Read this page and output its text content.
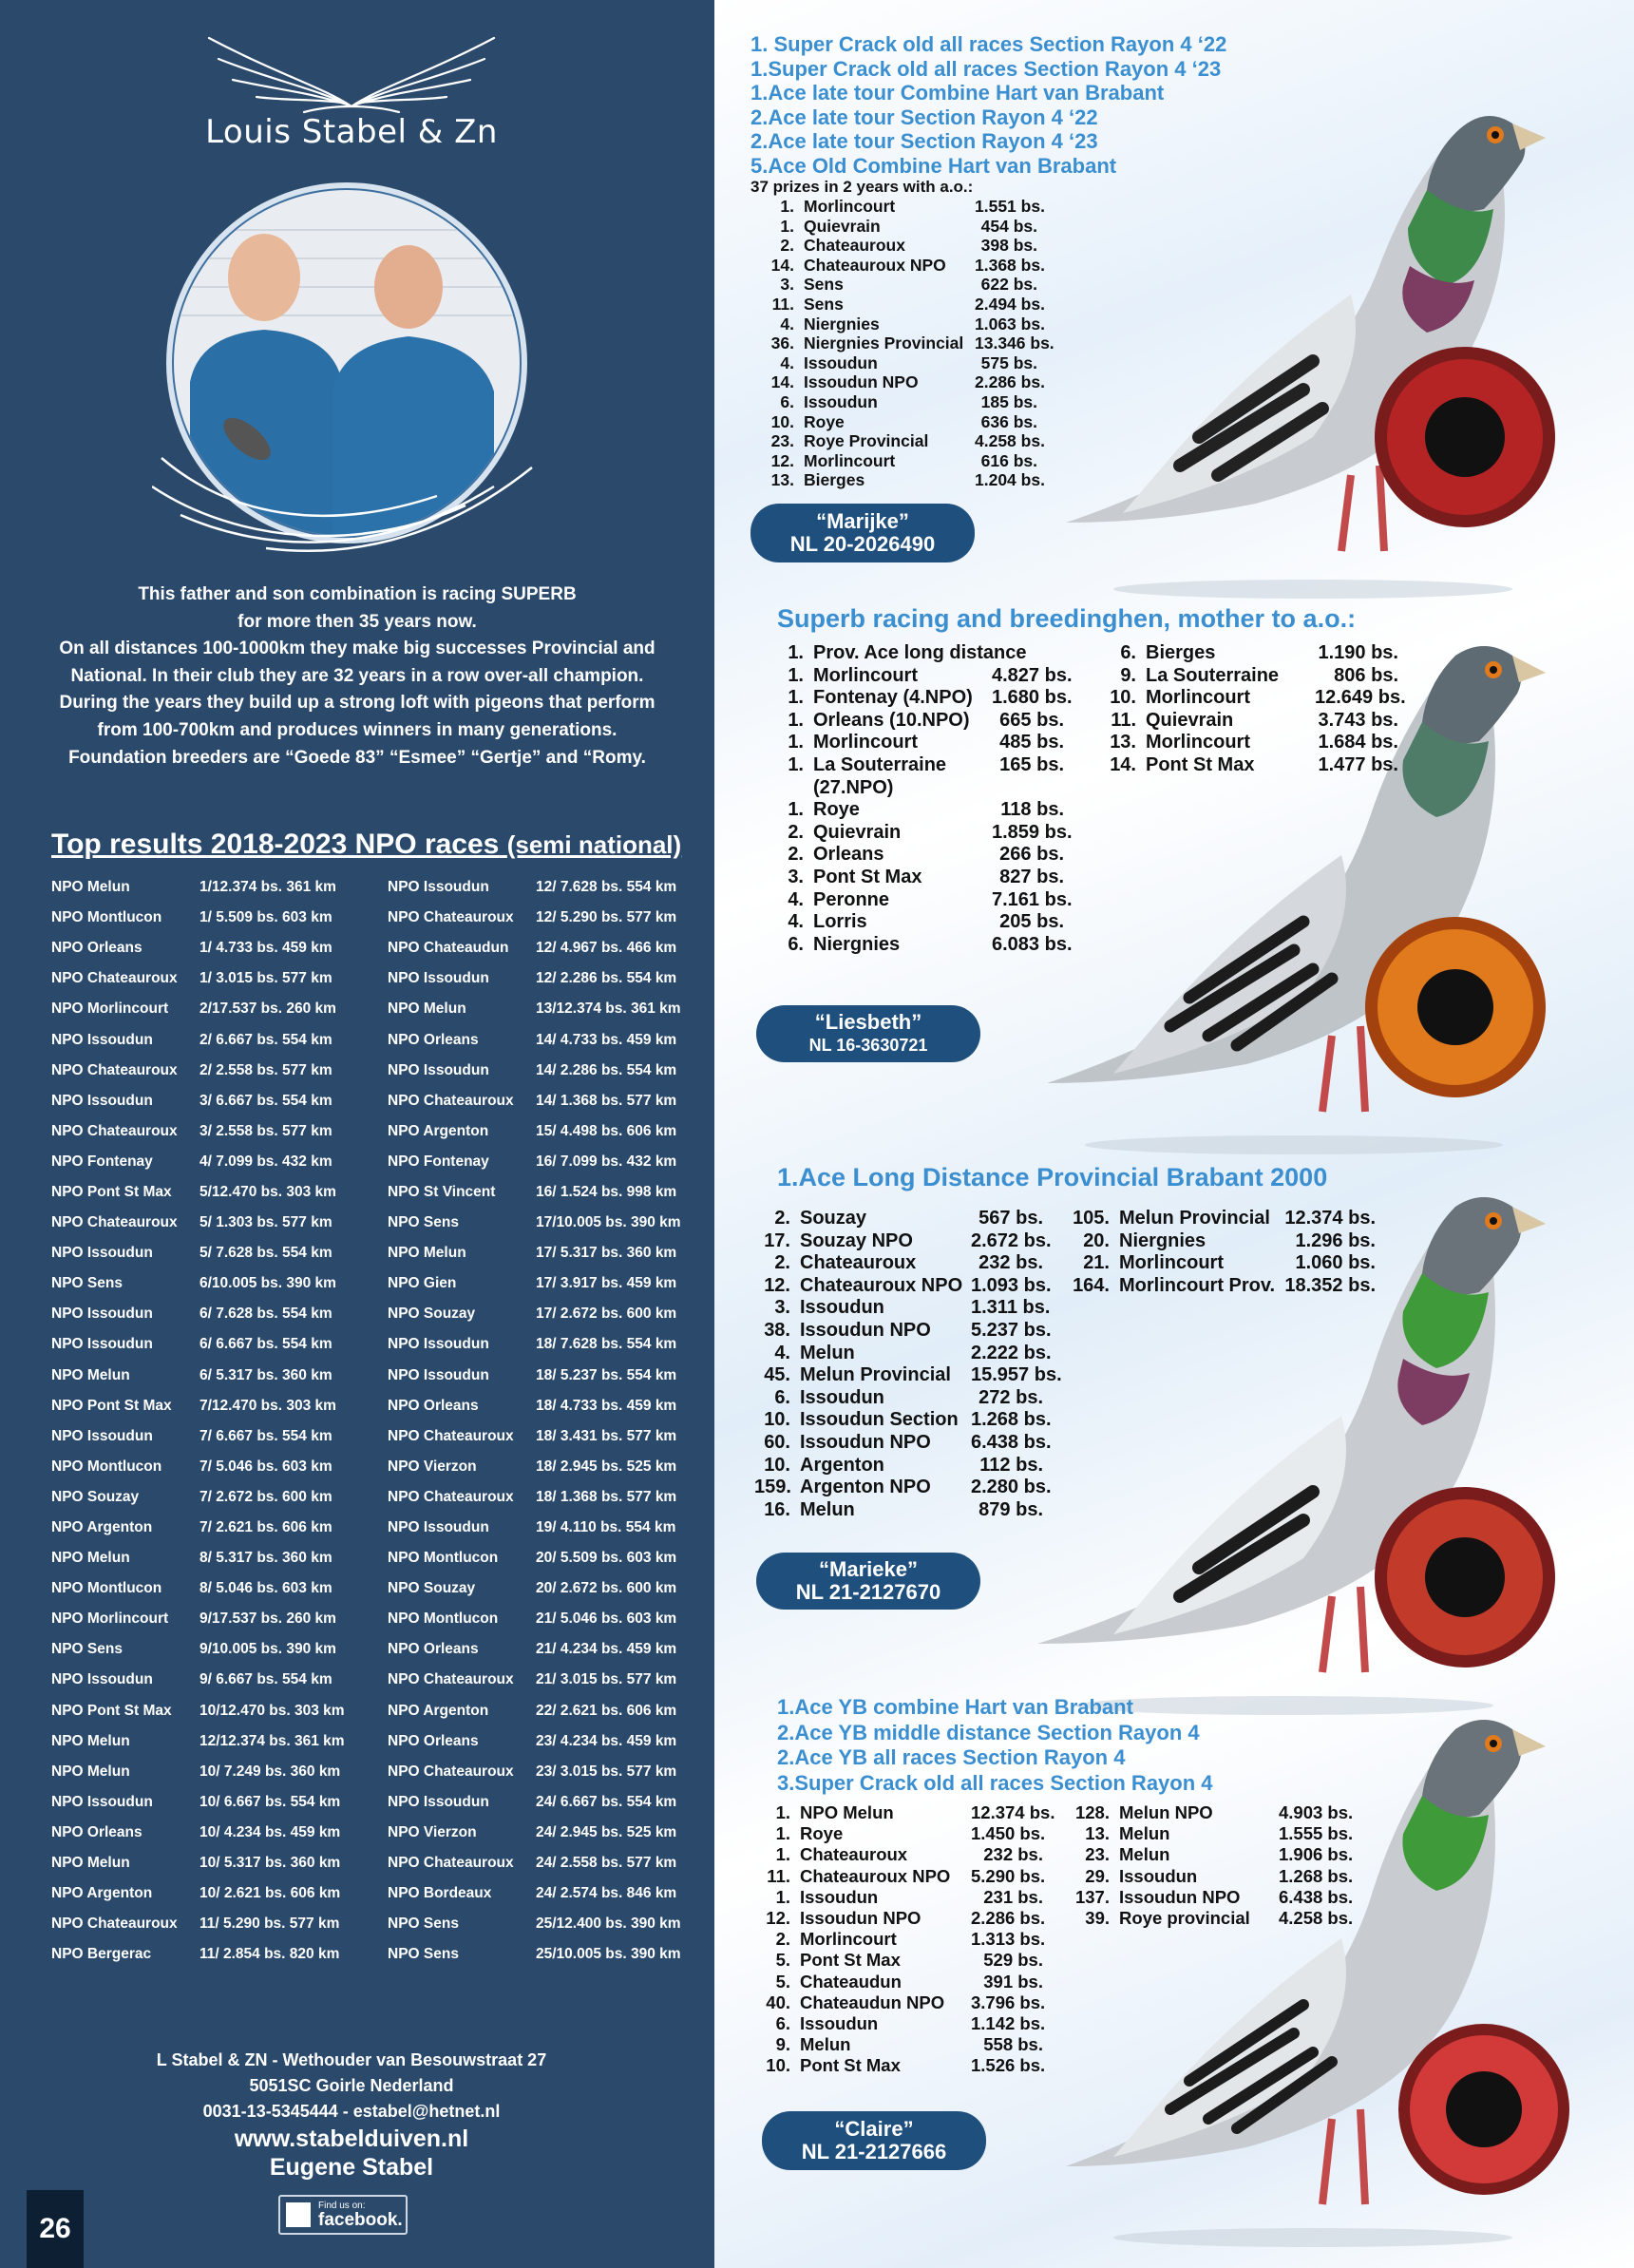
Louis Stabel & Zn
This father and son combination is racing SUPERB
for more then 35 years now.
On all distances 100-1000km they make big successes Provincial and
National. In their club they are 32 years in a row over-all champion.
During the years they build up a strong loft with pigeons that perform
from 100-700km and produces winners in many generations.
Foundation breeders are “Goede 83” “Esmee” “Gertje” and “Romy.
Top results 2018-2023 NPO races (semi national)
NPO Melun	1/12.374 bs. 361 km	NPO Issoudun	12/ 7.628 bs. 554 km
NPO Montlucon	1/ 5.509 bs. 603 km	NPO Chateauroux	12/ 5.290 bs. 577 km
NPO Orleans	1/ 4.733 bs. 459 km	NPO Chateaudun	12/ 4.967 bs. 466 km
NPO Chateauroux	1/ 3.015 bs. 577 km	NPO Issoudun	12/ 2.286 bs. 554 km
NPO Morlincourt	2/17.537 bs. 260 km	NPO Melun	13/12.374 bs. 361 km
NPO Issoudun	2/ 6.667 bs. 554 km	NPO Orleans	14/ 4.733 bs. 459 km
NPO Chateauroux	2/ 2.558 bs. 577 km	NPO Issoudun	14/ 2.286 bs. 554 km
NPO Issoudun	3/ 6.667 bs. 554 km	NPO Chateauroux	14/ 1.368 bs. 577 km
NPO Chateauroux	3/ 2.558 bs. 577 km	NPO Argenton	15/ 4.498 bs. 606 km
NPO Fontenay	4/ 7.099 bs. 432 km	NPO Fontenay	16/ 7.099 bs. 432 km
NPO Pont St Max	5/12.470 bs. 303 km	NPO St Vincent	16/ 1.524 bs. 998 km
NPO Chateauroux	5/ 1.303 bs. 577 km	NPO Sens	17/10.005 bs. 390 km
NPO Issoudun	5/ 7.628 bs. 554 km	NPO Melun	17/ 5.317 bs. 360 km
NPO Sens	6/10.005 bs. 390 km	NPO Gien	17/ 3.917 bs. 459 km
NPO Issoudun	6/ 7.628 bs. 554 km	NPO Souzay	17/ 2.672 bs. 600 km
NPO Issoudun	6/ 6.667 bs. 554 km	NPO Issoudun	18/ 7.628 bs. 554 km
NPO Melun	6/ 5.317 bs. 360 km	NPO Issoudun	18/ 5.237 bs. 554 km
NPO Pont St Max	7/12.470 bs. 303 km	NPO Orleans	18/ 4.733 bs. 459 km
NPO Issoudun	7/ 6.667 bs. 554 km	NPO Chateauroux	18/ 3.431 bs. 577 km
NPO Montlucon	7/ 5.046 bs. 603 km	NPO Vierzon	18/ 2.945 bs. 525 km
NPO Souzay	7/ 2.672 bs. 600 km	NPO Chateauroux	18/ 1.368 bs. 577 km
NPO Argenton	7/ 2.621 bs. 606 km	NPO Issoudun	19/ 4.110 bs. 554 km
NPO Melun	8/ 5.317 bs. 360 km	NPO Montlucon	20/ 5.509 bs. 603 km
NPO Montlucon	8/ 5.046 bs. 603 km	NPO Souzay	20/ 2.672 bs. 600 km
NPO Morlincourt	9/17.537 bs. 260 km	NPO Montlucon	21/ 5.046 bs. 603 km
NPO Sens	9/10.005 bs. 390 km	NPO Orleans	21/ 4.234 bs. 459 km
NPO Issoudun	9/ 6.667 bs. 554 km	NPO Chateauroux	21/ 3.015 bs. 577 km
NPO Pont St Max	10/12.470 bs. 303 km	NPO Argenton	22/ 2.621 bs. 606 km
NPO Melun	12/12.374 bs. 361 km	NPO Orleans	23/ 4.234 bs. 459 km
NPO Melun	10/ 7.249 bs. 360 km	NPO Chateauroux	23/ 3.015 bs. 577 km
NPO Issoudun	10/ 6.667 bs. 554 km	NPO Issoudun	24/ 6.667 bs. 554 km
NPO Orleans	10/ 4.234 bs. 459 km	NPO Vierzon	24/ 2.945 bs. 525 km
NPO Melun	10/ 5.317 bs. 360 km	NPO Chateauroux	24/ 2.558 bs. 577 km
NPO Argenton	10/ 2.621 bs. 606 km	NPO Bordeaux	24/ 2.574 bs. 846 km
NPO Chateauroux	11/ 5.290 bs. 577 km	NPO Sens	25/12.400 bs. 390 km
NPO Bergerac	11/ 2.854 bs. 820 km	NPO Sens	25/10.005 bs. 390 km
L Stabel & ZN - Wethouder van Besouwstraat 27
5051SC Goirle Nederland
0031-13-5345444 - estabel@hetnet.nl
www.stabelduiven.nl
Eugene Stabel
Find us on:
facebook.
26
1. Super Crack old all races Section Rayon 4 ‘22
1.Super Crack old all races Section Rayon 4 ‘23
1.Ace late tour Combine Hart van Brabant
2.Ace late tour Section Rayon 4 ‘22
2.Ace late tour Section Rayon 4 ‘23
5.Ace Old Combine Hart van Brabant
37 prizes in 2 years with a.o.:
1. Morlincourt	1.551 bs.
1. Quievrain	454 bs.
2. Chateauroux	398 bs.
14. Chateauroux NPO	1.368 bs.
3. Sens	622 bs.
11. Sens	2.494 bs.
4. Niergnies	1.063 bs.
36. Niergnies Provincial 13.346 bs.
4. Issoudun	575 bs.
14. Issoudun NPO	2.286 bs.
6. Issoudun	185 bs.
10. Roye	636 bs.
23. Roye Provincial	4.258 bs.
12. Morlincourt	616 bs.
13. Bierges	1.204 bs.
“Marijke”
NL 20-2026490
Superb racing and breedinghen, mother to a.o.:
1. Prov. Ace long distance
1. Morlincourt	4.827 bs.
1. Fontenay (4.NPO)	1.680 bs.
1. Orleans (10.NPO)	665 bs.
1. Morlincourt	485 bs.
1. La Souterraine	165 bs.
(27.NPO)
1. Roye	118 bs.
2. Quievrain	1.859 bs.
2. Orleans	266 bs.
3. Pont St Max	827 bs.
4. Peronne	7.161 bs.
4. Lorris	205 bs.
6. Niergnies	6.083 bs.
6. Bierges	1.190 bs.
9. La Souterraine	806 bs.
10. Morlincourt	12.649 bs.
11. Quievrain	3.743 bs.
13. Morlincourt	1.684 bs.
14. Pont St Max	1.477 bs.
“Liesbeth”
NL 16-3630721
1.Ace Long Distance Provincial Brabant 2000
2. Souzay	567 bs.
17. Souzay NPO	2.672 bs.
2. Chateauroux	232 bs.
12. Chateauroux NPO 1.093 bs.
3. Issoudun	1.311 bs.
38. Issoudun NPO	5.237 bs.
4. Melun	2.222 bs.
45. Melun Provincial	15.957 bs.
6. Issoudun	272 bs.
10. Issoudun Section 1.268 bs.
60. Issoudun NPO	6.438 bs.
10. Argenton	112 bs.
159. Argenton NPO	2.280 bs.
16. Melun	879 bs.
105. Melun Provincial 12.374 bs.
20. Niergnies	1.296 bs.
21. Morlincourt	1.060 bs.
164. Morlincourt Prov. 18.352 bs.
“Marieke”
NL 21-2127670
1.Ace YB combine Hart van Brabant
2.Ace YB middle distance Section Rayon 4
2.Ace YB all races Section Rayon 4
3.Super Crack old all races Section Rayon 4
1. NPO Melun	12.374 bs.
1. Roye	1.450 bs.
1. Chateauroux	232 bs.
11. Chateauroux NPO	5.290 bs.
1. Issoudun	231 bs.
12. Issoudun NPO	2.286 bs.
2. Morlincourt	1.313 bs.
5. Pont St Max	529 bs.
5. Chateaudun	391 bs.
40. Chateaudun NPO	3.796 bs.
6. Issoudun	1.142 bs.
9. Melun	558 bs.
10. Pont St Max	1.526 bs.
128. Melun NPO	4.903 bs.
13. Melun	1.555 bs.
23. Melun	1.906 bs.
29. Issoudun	1.268 bs.
137. Issoudun NPO	6.438 bs.
39. Roye provincial	4.258 bs.
“Claire”
NL 21-2127666
